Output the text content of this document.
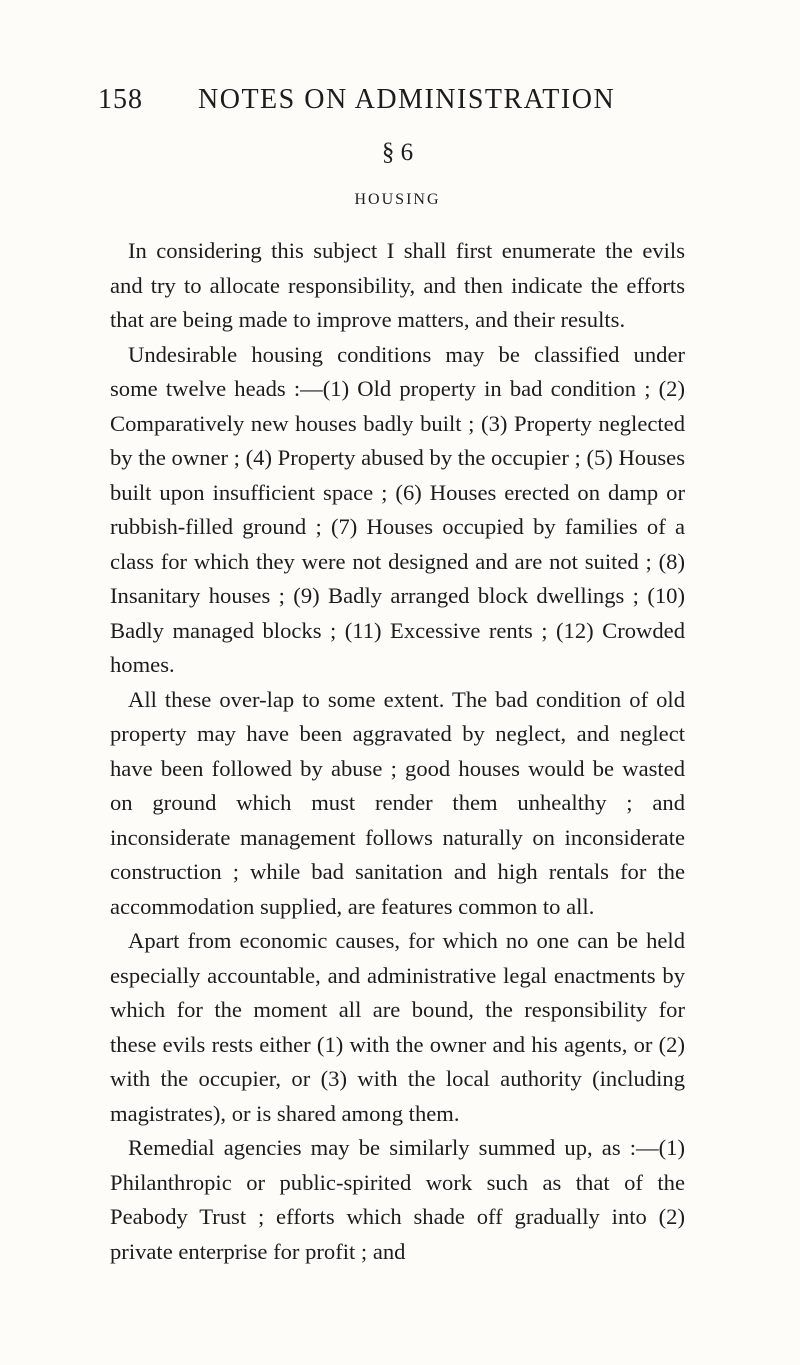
158 NOTES ON ADMINISTRATION
§ 6
HOUSING

In considering this subject I shall first enumerate the evils and try to allocate responsibility, and then indicate the efforts that are being made to improve matters, and their results.

Undesirable housing conditions may be classified under some twelve heads :—(1) Old property in bad condition ; (2) Comparatively new houses badly built ; (3) Property neglected by the owner ; (4) Property abused by the occupier ; (5) Houses built upon insufficient space ; (6) Houses erected on damp or rubbish-filled ground ; (7) Houses occupied by families of a class for which they were not designed and are not suited ; (8) Insanitary houses ; (9) Badly arranged block dwellings ; (10) Badly managed blocks ; (11) Excessive rents ; (12) Crowded homes.

All these over-lap to some extent. The bad condition of old property may have been aggravated by neglect, and neglect have been followed by abuse ; good houses would be wasted on ground which must render them unhealthy ; and inconsiderate management follows naturally on inconsiderate construction ; while bad sanitation and high rentals for the accommodation supplied, are features common to all.

Apart from economic causes, for which no one can be held especially accountable, and administrative legal enactments by which for the moment all are bound, the responsibility for these evils rests either (1) with the owner and his agents, or (2) with the occupier, or (3) with the local authority (including magistrates), or is shared among them.

Remedial agencies may be similarly summed up, as :—(1) Philanthropic or public-spirited work such as that of the Peabody Trust ; efforts which shade off gradually into (2) private enterprise for profit ; and
